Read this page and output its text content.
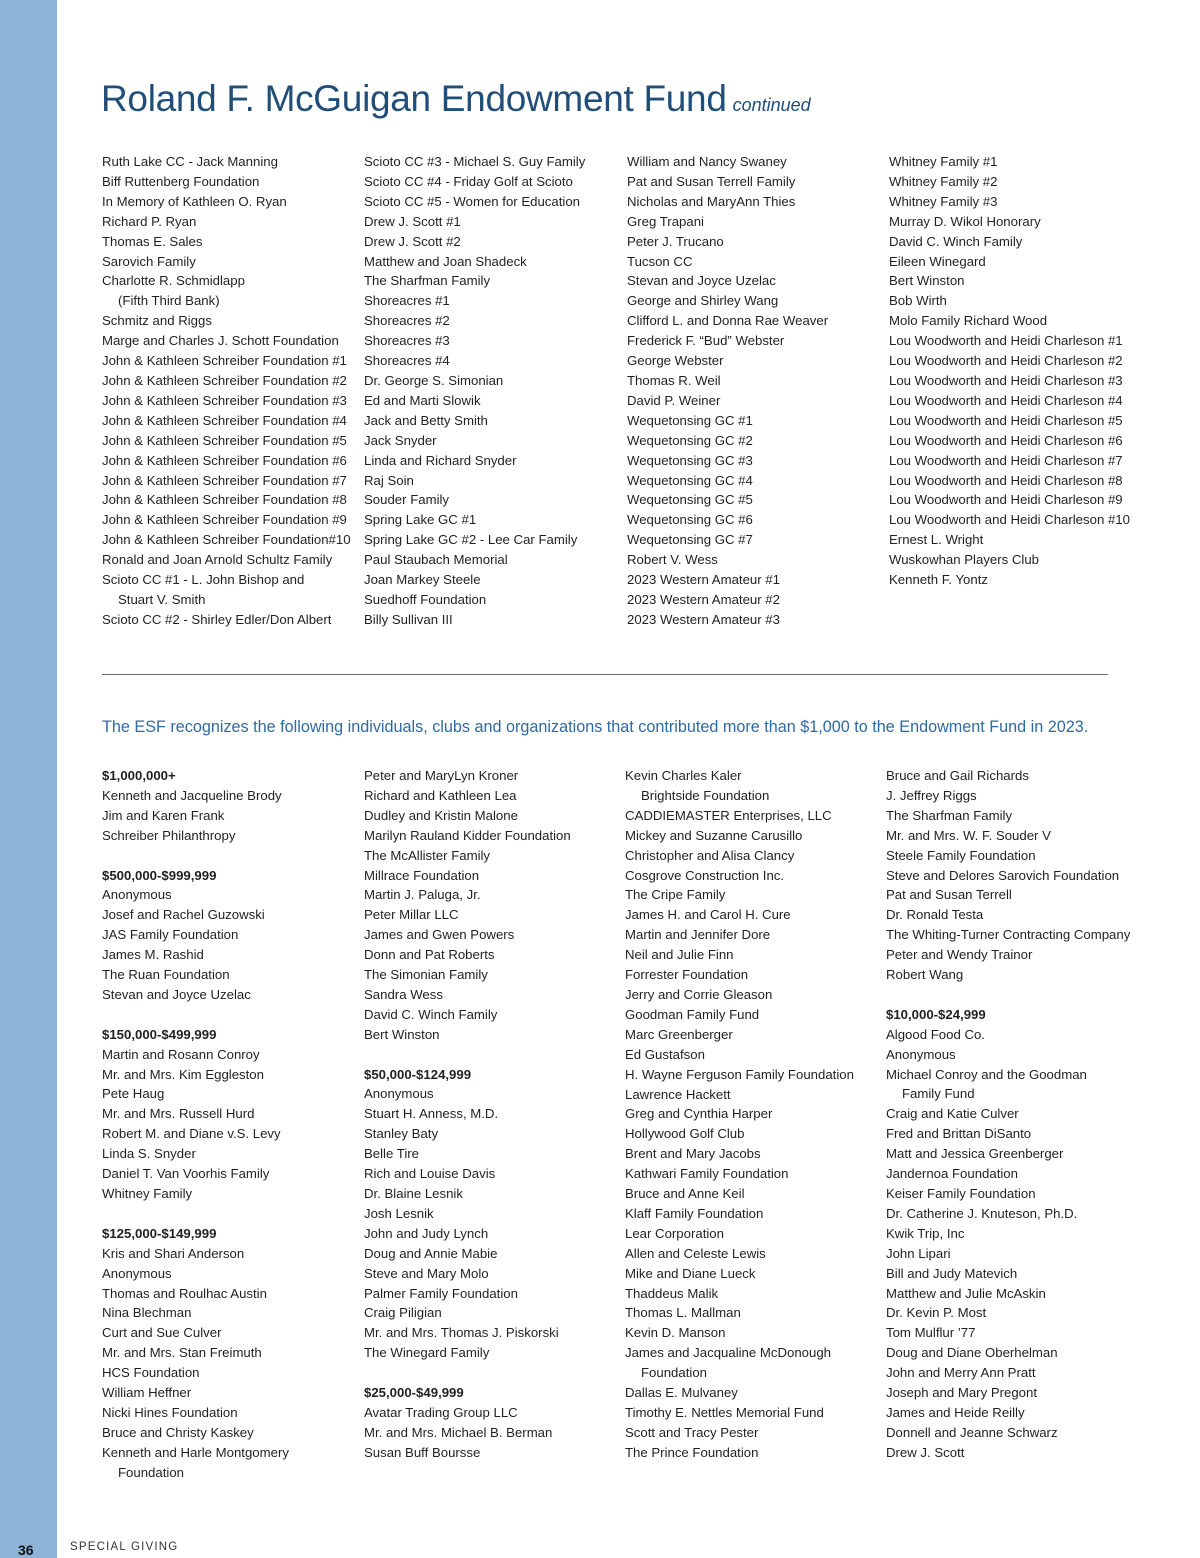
Roland F. McGuigan Endowment Fund continued
Ruth Lake CC - Jack Manning
Biff Ruttenberg Foundation
In Memory of Kathleen O. Ryan
Richard P. Ryan
Thomas E. Sales
Sarovich Family
Charlotte R. Schmidlapp
(Fifth Third Bank)
Schmitz and Riggs
Marge and Charles J. Schott Foundation
John & Kathleen Schreiber Foundation #1
John & Kathleen Schreiber Foundation #2
John & Kathleen Schreiber Foundation #3
John & Kathleen Schreiber Foundation #4
John & Kathleen Schreiber Foundation #5
John & Kathleen Schreiber Foundation #6
John & Kathleen Schreiber Foundation #7
John & Kathleen Schreiber Foundation #8
John & Kathleen Schreiber Foundation #9
John & Kathleen Schreiber Foundation#10
Ronald and Joan Arnold Schultz Family
Scioto CC #1 - L. John Bishop and
Stuart V. Smith
Scioto CC #2 - Shirley Edler/Don Albert
Scioto CC #3 - Michael S. Guy Family
Scioto CC #4 - Friday Golf at Scioto
Scioto CC #5 - Women for Education
Drew J. Scott #1
Drew J. Scott #2
Matthew and Joan Shadeck
The Sharfman Family
Shoreacres #1
Shoreacres #2
Shoreacres #3
Shoreacres #4
Dr. George S. Simonian
Ed and Marti Slowik
Jack and Betty Smith
Jack Snyder
Linda and Richard Snyder
Raj Soin
Souder Family
Spring Lake GC #1
Spring Lake GC #2 - Lee Car Family
Paul Staubach Memorial
Joan Markey Steele
Suedhoff Foundation
Billy Sullivan III
William and Nancy Swaney
Pat and Susan Terrell Family
Nicholas and MaryAnn Thies
Greg Trapani
Peter J. Trucano
Tucson CC
Stevan and Joyce Uzelac
George and Shirley Wang
Clifford L. and Donna Rae Weaver
Frederick F. “Bud” Webster
George Webster
Thomas R. Weil
David P. Weiner
Wequetonsing GC #1
Wequetonsing GC #2
Wequetonsing GC #3
Wequetonsing GC #4
Wequetonsing GC #5
Wequetonsing GC #6
Wequetonsing GC #7
Robert V. Wess
2023 Western Amateur #1
2023 Western Amateur #2
2023 Western Amateur #3
Whitney Family #1
Whitney Family #2
Whitney Family #3
Murray D. Wikol Honorary
David C. Winch Family
Eileen Winegard
Bert Winston
Bob Wirth
Molo Family Richard Wood
Lou Woodworth and Heidi Charleson #1
Lou Woodworth and Heidi Charleson #2
Lou Woodworth and Heidi Charleson #3
Lou Woodworth and Heidi Charleson #4
Lou Woodworth and Heidi Charleson #5
Lou Woodworth and Heidi Charleson #6
Lou Woodworth and Heidi Charleson #7
Lou Woodworth and Heidi Charleson #8
Lou Woodworth and Heidi Charleson #9
Lou Woodworth and Heidi Charleson #10
Ernest L. Wright
Wuskowhan Players Club
Kenneth F. Yontz

The ESF recognizes the following individuals, clubs and organizations that contributed more than $1,000 to the Endowment Fund in 2023.

$1,000,000+
Kenneth and Jacqueline Brody
Jim and Karen Frank
Schreiber Philanthropy
$500,000-$999,999
Anonymous
Josef and Rachel Guzowski
JAS Family Foundation
James M. Rashid
The Ruan Foundation
Stevan and Joyce Uzelac
$150,000-$499,999
Martin and Rosann Conroy
Mr. and Mrs. Kim Eggleston
Pete Haug
Mr. and Mrs. Russell Hurd
Robert M. and Diane v.S. Levy
Linda S. Snyder
Daniel T. Van Voorhis Family
Whitney Family
$125,000-$149,999
Kris and Shari Anderson
Anonymous
Thomas and Roulhac Austin
Nina Blechman
Curt and Sue Culver
Mr. and Mrs. Stan Freimuth
HCS Foundation
William Heffner
Nicki Hines Foundation
Bruce and Christy Kaskey
Kenneth and Harle Montgomery
Foundation
Peter and MaryLyn Kroner
Richard and Kathleen Lea
Dudley and Kristin Malone
Marilyn Rauland Kidder Foundation
The McAllister Family
Millrace Foundation
Martin J. Paluga, Jr.
Peter Millar LLC
James and Gwen Powers
Donn and Pat Roberts
The Simonian Family
Sandra Wess
David C. Winch Family
Bert Winston
$50,000-$124,999
Anonymous
Stuart H. Anness, M.D.
Stanley Baty
Belle Tire
Rich and Louise Davis
Dr. Blaine Lesnik
Josh Lesnik
John and Judy Lynch
Doug and Annie Mabie
Steve and Mary Molo
Palmer Family Foundation
Craig Piligian
Mr. and Mrs. Thomas J. Piskorski
The Winegard Family
$25,000-$49,999
Avatar Trading Group LLC
Mr. and Mrs. Michael B. Berman
Susan Buff Boursse
Kevin Charles Kaler
Brightside Foundation
CADDIEMASTER Enterprises, LLC
Mickey and Suzanne Carusillo
Christopher and Alisa Clancy
Cosgrove Construction Inc.
The Cripe Family
James H. and Carol H. Cure
Martin and Jennifer Dore
Neil and Julie Finn
Forrester Foundation
Jerry and Corrie Gleason
Goodman Family Fund
Marc Greenberger
Ed Gustafson
H. Wayne Ferguson Family Foundation
Lawrence Hackett
Greg and Cynthia Harper
Hollywood Golf Club
Brent and Mary Jacobs
Kathwari Family Foundation
Bruce and Anne Keil
Klaff Family Foundation
Lear Corporation
Allen and Celeste Lewis
Mike and Diane Lueck
Thaddeus Malik
Thomas L. Mallman
Kevin D. Manson
James and Jacqualine McDonough
Foundation
Dallas E. Mulvaney
Timothy E. Nettles Memorial Fund
Scott and Tracy Pester
The Prince Foundation
Bruce and Gail Richards
J. Jeffrey Riggs
The Sharfman Family
Mr. and Mrs. W. F. Souder V
Steele Family Foundation
Steve and Delores Sarovich Foundation
Pat and Susan Terrell
Dr. Ronald Testa
The Whiting-Turner Contracting Company
Peter and Wendy Trainor
Robert Wang
$10,000-$24,999
Algood Food Co.
Anonymous
Michael Conroy and the Goodman
Family Fund
Craig and Katie Culver
Fred and Brittan DiSanto
Matt and Jessica Greenberger
Jandernoa Foundation
Keiser Family Foundation
Dr. Catherine J. Knuteson, Ph.D.
Kwik Trip, Inc
John Lipari
Bill and Judy Matevich
Matthew and Julie McAskin
Dr. Kevin P. Most
Tom Mulflur ’77
Doug and Diane Oberhelman
John and Merry Ann Pratt
Joseph and Mary Pregont
James and Heide Reilly
Donnell and Jeanne Schwarz
Drew J. Scott
36	SPECIAL GIVING
